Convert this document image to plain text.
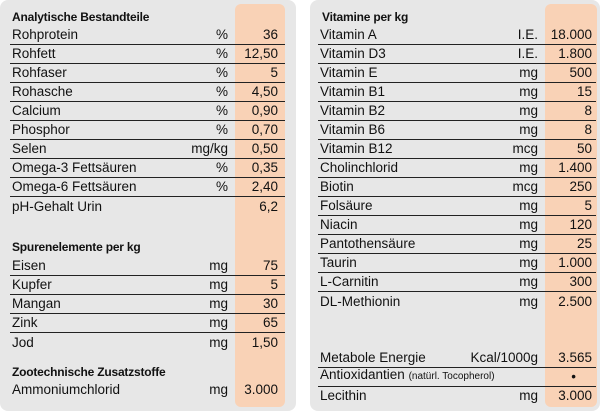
Analytische Bestandteile
Rohprotein	%	36
Rohfett	% 12,50
Rohfaser	%	5
Rohasche	% 4,50
Calcium	% 0,90
Phosphor	% 0,70
Selen	mg/kg 0,50
Omega-3 Fettsäuren	% 0,35
Omega-6 Fettsäuren	% 2,40
pH-Gehalt Urin	6,2
Spurenelemente per kg
Eisen	mg	75
Kupfer	mg	5
Mangan	mg	30
Zink	mg	65
Jod	mg 1,50
Zootechnische Zusatzstoffe
Ammoniumchlorid	mg 3.000
Vitamine per kg
Vitamin A	I.E. 18.000
Vitamin D3	I.E. 1.800
Vitamin E	mg 500
Vitamin B1	mg	15
Vitamin B2	mg	8
Vitamin B6	mg	8
Vitamin B12	mcg	50
Cholinchlorid	mg 1.400
Biotin	mcg 250
Folsäure	mg	5
Niacin	mg 120
Pantothensäure	mg	25
Taurin	mg 1.000
L-Carnitin	mg 300
DL-Methionin	mg 2.500
Metabole Energie	Kcal/1000g 3.565
Antioxidantien (natürl. Tocopherol)	•
Lecithin	mg 3.000
